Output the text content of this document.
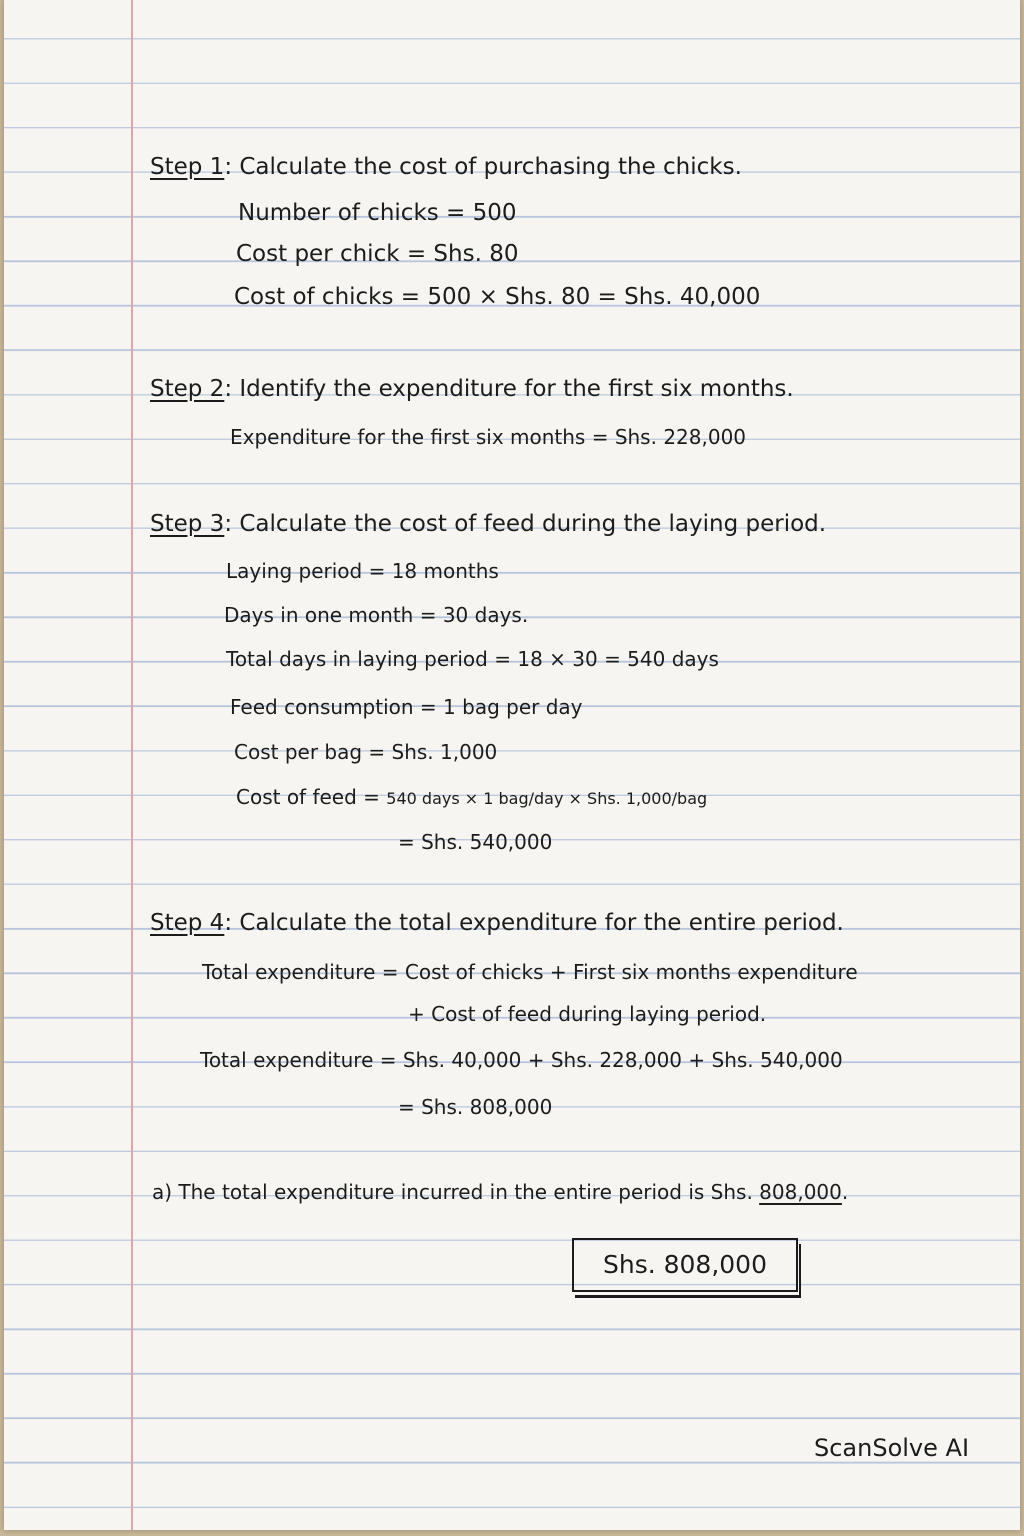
Step 1: Calculate the cost of purchasing the chicks.
Number of chicks = 500
Cost per chick = Shs. 80
Cost of chicks = 500 × Shs. 80 = Shs. 40,000
Step 2: Identify the expenditure for the first six months.
Expenditure for the first six months = Shs. 228,000
Step 3: Calculate the cost of feed during the laying period.
Laying period = 18 months
Days in one month = 30 days.
Total days in laying period = 18 × 30 = 540 days
Feed consumption = 1 bag per day
Cost per bag = Shs. 1,000
Cost of feed = 540 days × 1 bag/day × Shs. 1,000/bag
= Shs. 540,000
Step 4: Calculate the total expenditure for the entire period.
Total expenditure = Cost of chicks + First six months expenditure
+ Cost of feed during laying period.
Total expenditure = Shs. 40,000 + Shs. 228,000 + Shs. 540,000
= Shs. 808,000
a) The total expenditure incurred in the entire period is Shs. 808,000.
Shs. 808,000
ScanSolve AI
